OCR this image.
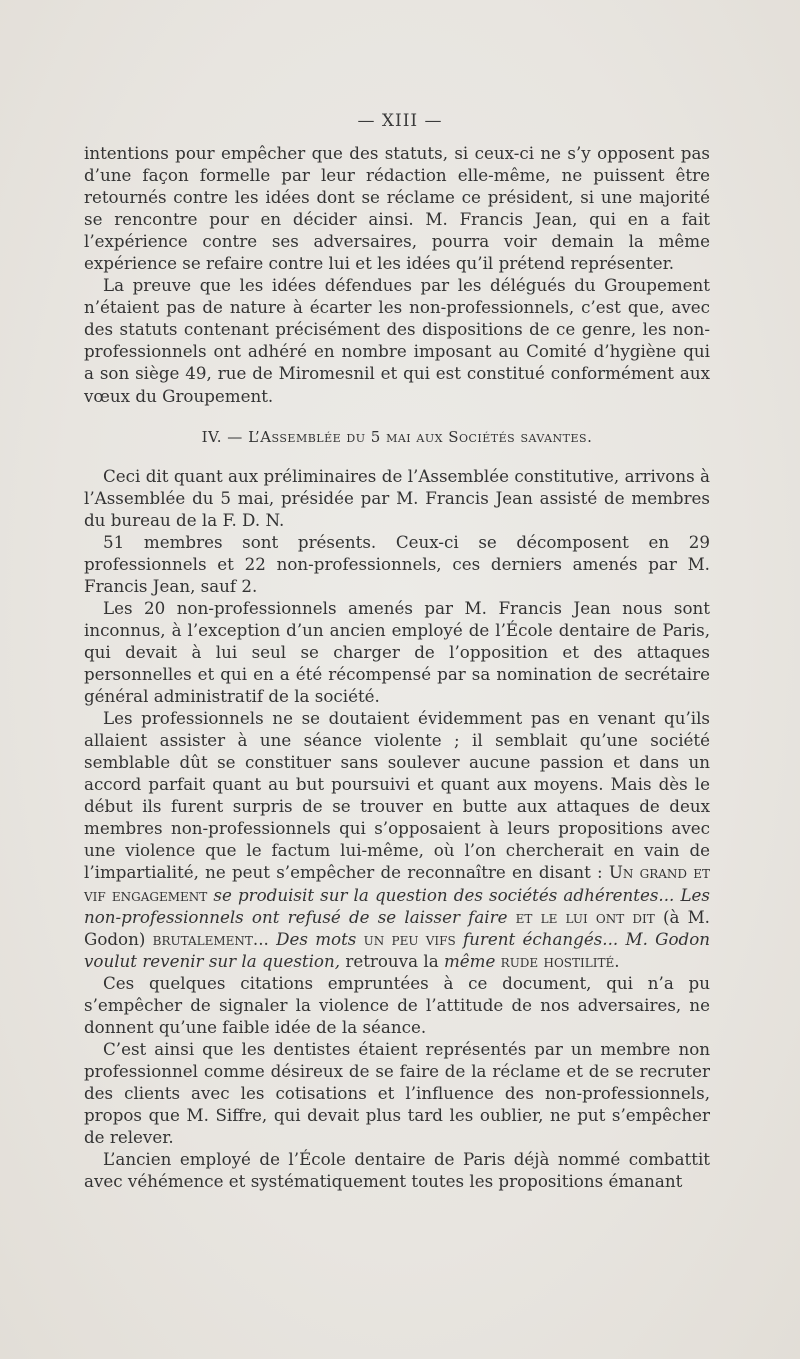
— XIII —

intentions pour empêcher que des statuts, si ceux-ci ne s’y opposent pas d’une façon formelle par leur rédaction elle-même, ne puissent être retournés contre les idées dont se réclame ce président, si une majorité se rencontre pour en décider ainsi. M. Francis Jean, qui en a fait l’expérience contre ses adversaires, pourra voir demain la même expérience se refaire contre lui et les idées qu’il prétend représenter.

La preuve que les idées défendues par les délégués du Groupement n’étaient pas de nature à écarter les non-professionnels, c’est que, avec des statuts contenant précisément des dispositions de ce genre, les non-professionnels ont adhéré en nombre imposant au Comité d’hygiène qui a son siège 49, rue de Miromesnil et qui est constitué conformément aux vœux du Groupement.

IV. — L’Assemblée du 5 mai aux Sociétés savantes.

Ceci dit quant aux préliminaires de l’Assemblée constitutive, arrivons à l’Assemblée du 5 mai, présidée par M. Francis Jean assisté de membres du bureau de la F. D. N.

51 membres sont présents. Ceux-ci se décomposent en 29 professionnels et 22 non-professionnels, ces derniers amenés par M. Francis Jean, sauf 2.

Les 20 non-professionnels amenés par M. Francis Jean nous sont inconnus, à l’exception d’un ancien employé de l’École dentaire de Paris, qui devait à lui seul se charger de l’opposition et des attaques personnelles et qui en a été récompensé par sa nomination de secrétaire général administratif de la société.

Les professionnels ne se doutaient évidemment pas en venant qu’ils allaient assister à une séance violente ; il semblait qu’une société semblable dût se constituer sans soulever aucune passion et dans un accord parfait quant au but poursuivi et quant aux moyens. Mais dès le début ils furent surpris de se trouver en butte aux attaques de deux membres non-professionnels qui s’opposaient à leurs propositions avec une violence que le factum lui-même, où l’on chercherait en vain de l’impartialité, ne peut s’empêcher de reconnaître en disant : Un grand et vif engagement se produisit sur la question des sociétés adhérentes... Les non-professionnels ont refusé de se laisser faire et le lui ont dit (à M. Godon) brutalement... Des mots un peu vifs furent échangés... M. Godon voulut revenir sur la question, retrouva la même rude hostilité.

Ces quelques citations empruntées à ce document, qui n’a pu s’empêcher de signaler la violence de l’attitude de nos adversaires, ne donnent qu’une faible idée de la séance.

C’est ainsi que les dentistes étaient représentés par un membre non professionnel comme désireux de se faire de la réclame et de se recruter des clients avec les cotisations et l’influence des non-professionnels, propos que M. Siffre, qui devait plus tard les oublier, ne put s’empêcher de relever.

L’ancien employé de l’École dentaire de Paris déjà nommé combattit avec véhémence et systématiquement toutes les propositions émanant
